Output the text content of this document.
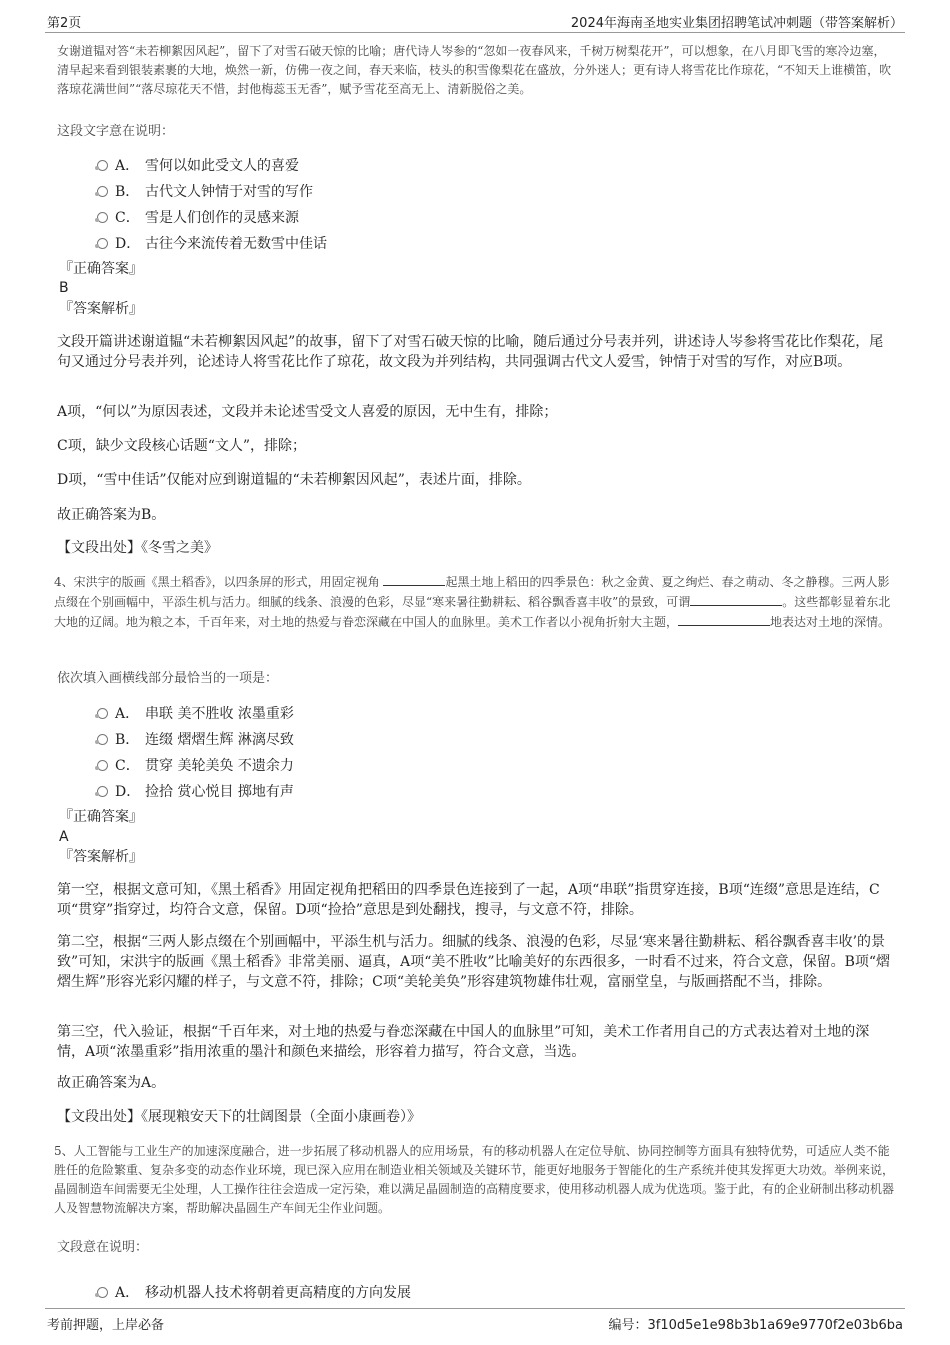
第2页	2024年海南圣地实业集团招聘笔试冲刺题（带答案解析）

女谢道韫对答“未若柳絮因风起”，留下了对雪石破天惊的比喻；唐代诗人岑参的“忽如一夜春风来，千树万树梨花开”，可以想象，在八月即飞雪的寒冷边塞，清早起来看到银装素裹的大地，焕然一新，仿佛一夜之间，春天来临，枝头的积雪像梨花在盛放，分外迷人；更有诗人将雪花比作琼花，“不知天上谁横笛，吹落琼花满世间”“落尽琼花天不惜，封他梅蕊玉无香”，赋予雪花至高无上、清新脱俗之美。

这段文字意在说明：
A． 雪何以如此受文人的喜爱
B． 古代文人钟情于对雪的写作
C． 雪是人们创作的灵感来源
D． 古往今来流传着无数雪中佳话
『正确答案』
B
『答案解析』

文段开篇讲述谢道韫“未若柳絮因风起”的故事，留下了对雪石破天惊的比喻，随后通过分号表并列，讲述诗人岑参将雪花比作梨花，尾句又通过分号表并列，论述诗人将雪花比作了琼花，故文段为并列结构，共同强调古代文人爱雪，钟情于对雪的写作，对应B项。

A项，“何以”为原因表述，文段并未论述雪受文人喜爱的原因，无中生有，排除；

C项，缺少文段核心话题“文人”，排除；

D项，“雪中佳话”仅能对应到谢道韫的“未若柳絮因风起”，表述片面，排除。

故正确答案为B。

【文段出处】《冬雪之美》

4、宋洪宇的版画《黑土稻香》，以四条屏的形式，用固定视角	起黑土地上稻田的四季景色：秋之金黄、夏之绚烂、春之萌动、冬之静穆。三两人影点缀在个别画幅中，平添生机与活力。细腻的线条、浪漫的色彩，尽显“寒来暑往勤耕耘、稻谷飘香喜丰收”的景致，可谓	。这些都彰显着东北大地的辽阔。地为粮之本，千百年来，对土地的热爱与眷恋深藏在中国人的血脉里。美术工作者以小视角折射大主题，	地表达对土地的深情。

依次填入画横线部分最恰当的一项是：
A． 串联 美不胜收 浓墨重彩
B． 连缀 熠熠生辉 淋漓尽致
C． 贯穿 美轮美奂 不遗余力
D． 捡拾 赏心悦目 掷地有声
『正确答案』
A
『答案解析』

第一空，根据文意可知，《黑土稻香》用固定视角把稻田的四季景色连接到了一起，A项“串联”指贯穿连接，B项“连缀”意思是连结，C项“贯穿”指穿过，均符合文意，保留。D项“捡拾”意思是到处翻找，搜寻，与文意不符，排除。

第二空，根据“三两人影点缀在个别画幅中，平添生机与活力。细腻的线条、浪漫的色彩，尽显‘寒来暑往勤耕耘、稻谷飘香喜丰收’的景致”可知，宋洪宇的版画《黑土稻香》非常美丽、逼真，A项“美不胜收”比喻美好的东西很多，一时看不过来，符合文意，保留。B项“熠熠生辉”形容光彩闪耀的样子，与文意不符，排除；C项“美轮美奂”形容建筑物雄伟壮观，富丽堂皇，与版画搭配不当，排除。

第三空，代入验证，根据“千百年来，对土地的热爱与眷恋深藏在中国人的血脉里”可知，美术工作者用自己的方式表达着对土地的深情，A项“浓墨重彩”指用浓重的墨汁和颜色来描绘，形容着力描写，符合文意，当选。

故正确答案为A。

【文段出处】《展现粮安天下的壮阔图景（全面小康画卷）》

5、人工智能与工业生产的加速深度融合，进一步拓展了移动机器人的应用场景，有的移动机器人在定位导航、协同控制等方面具有独特优势，可适应人类不能胜任的危险繁重、复杂多变的动态作业环境，现已深入应用在制造业相关领域及关键环节，能更好地服务于智能化的生产系统并使其发挥更大功效。举例来说，晶圆制造车间需要无尘处理，人工操作往往会造成一定污染，难以满足晶圆制造的高精度要求，使用移动机器人成为优选项。鉴于此，有的企业研制出移动机器人及智慧物流解决方案，帮助解决晶圆生产车间无尘作业问题。

文段意在说明：
A． 移动机器人技术将朝着更高精度的方向发展
考前押题，上岸必备	编号：3f10d5e1e98b3b1a69e9770f2e03b6ba
